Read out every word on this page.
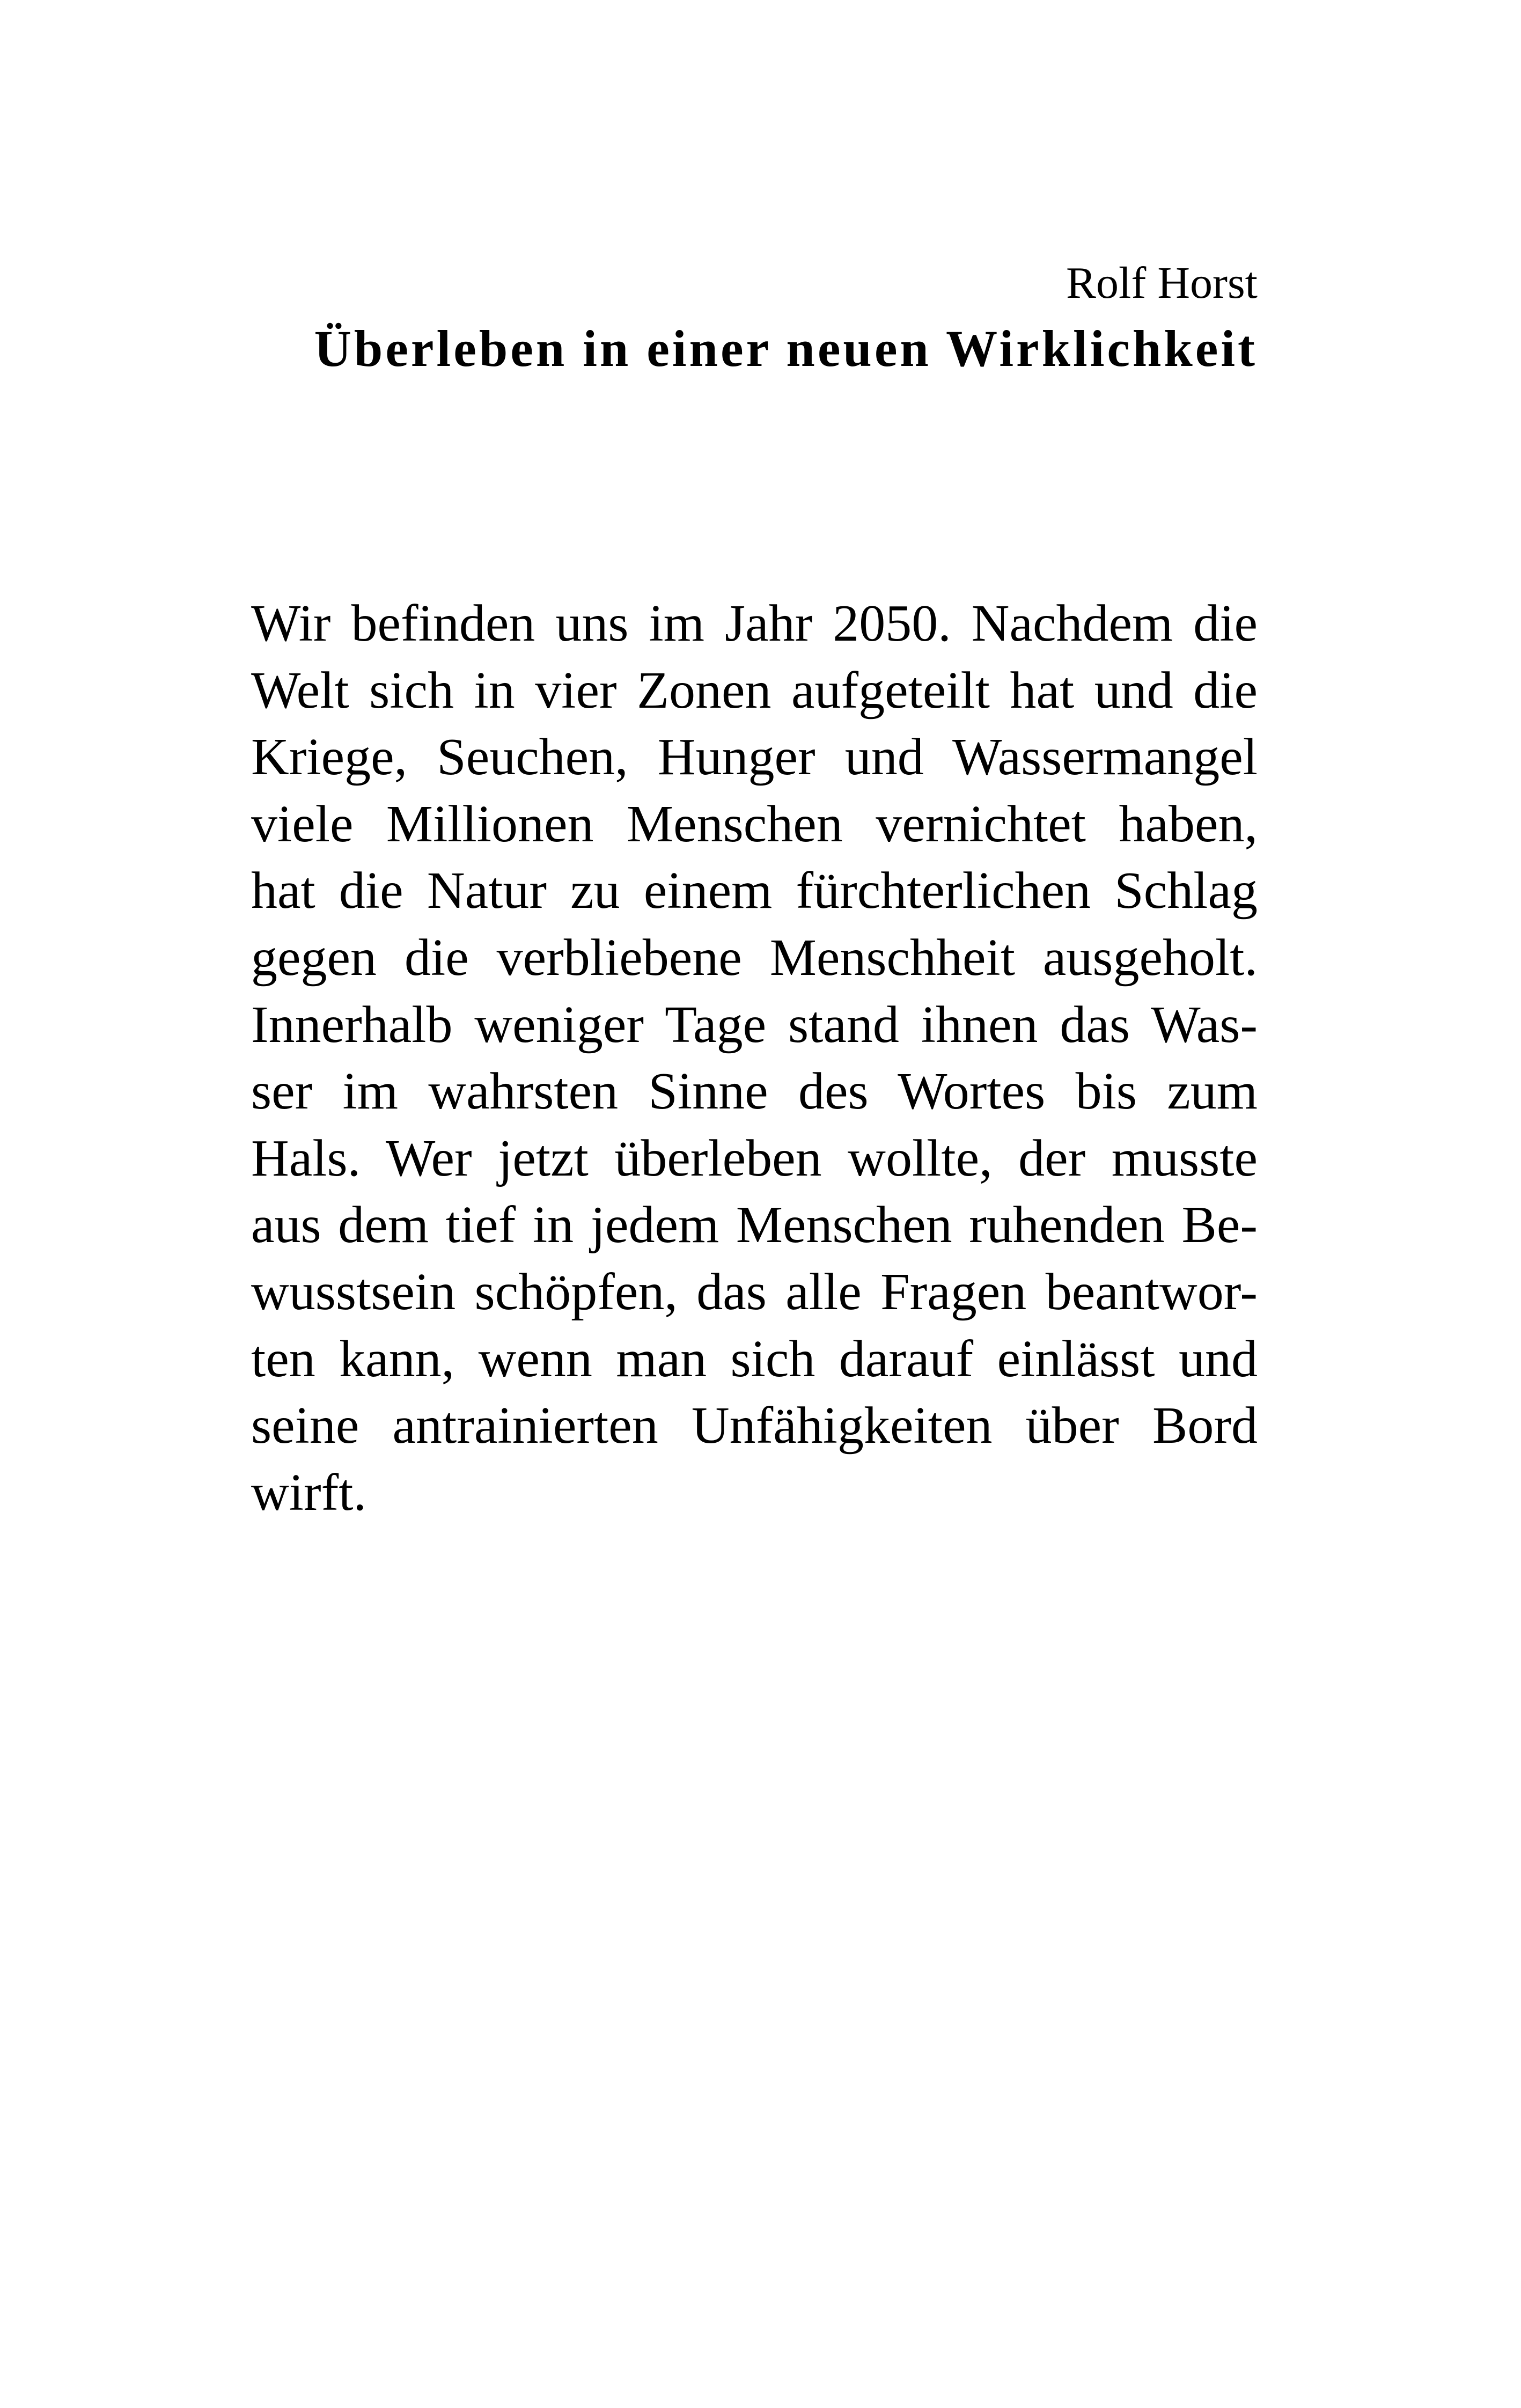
Rolf Horst
Überleben in einer neuen Wirklichkeit
Wir befinden uns im Jahr 2050. Nachdem die
Welt sich in vier Zonen aufgeteilt hat und die
Kriege, Seuchen, Hunger und Wassermangel
viele Millionen Menschen vernichtet haben,
hat die Natur zu einem fürchterlichen Schlag
gegen die verbliebene Menschheit ausgeholt.
Innerhalb weniger Tage stand ihnen das Was-
ser im wahrsten Sinne des Wortes bis zum
Hals. Wer jetzt überleben wollte, der musste
aus dem tief in jedem Menschen ruhenden Be-
wusstsein schöpfen, das alle Fragen beantwor-
ten kann, wenn man sich darauf einlässt und
seine antrainierten Unfähigkeiten über Bord
wirft.
